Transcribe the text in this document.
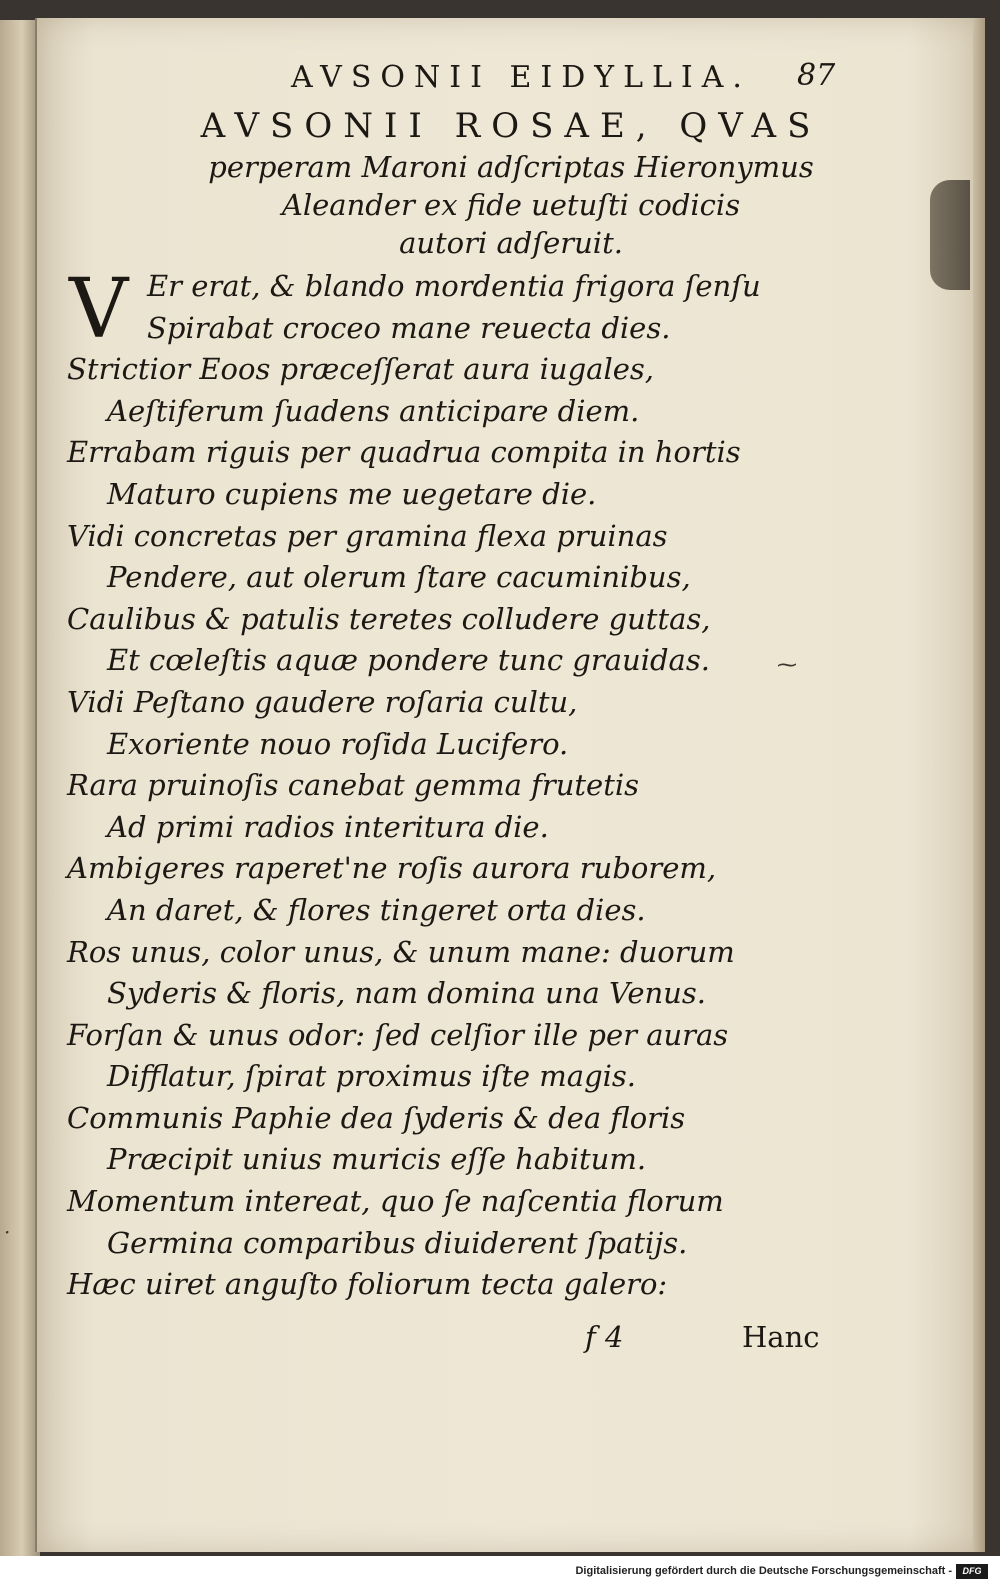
·
AVSONII EIDYLLIA.	87
AVSONII ROSAE, QVAS
perperam Maroni adſcriptas Hieronymus
Aleander ex fide uetuſti codicis
autori adſeruit.
V Er erat, & blando mordentia frigora ſenſu
Spirabat croceo mane reuecta dies.
Strictior Eoos præceſſerat aura iugales,
Aeſtiferum ſuadens anticipare diem.
Errabam riguis per quadrua compita in hortis
Maturo cupiens me uegetare die.
Vidi concretas per gramina flexa pruinas
Pendere, aut olerum ſtare cacuminibus,
Caulibus & patulis teretes colludere guttas,
Et cœleſtis aquæ pondere tunc grauidas.
Vidi Peſtano gaudere roſaria cultu,
Exoriente nouo roſida Lucifero.
Rara pruinoſis canebat gemma frutetis
Ad primi radios interitura die.
Ambigeres raperet'ne roſis aurora ruborem,
An daret, & flores tingeret orta dies.
Ros unus, color unus, & unum mane: duorum
Syderis & floris, nam domina una Venus.
Forſan & unus odor: ſed celſior ille per auras
Difflatur, ſpirat proximus iſte magis.
Communis Paphie dea ſyderis & dea floris
Præcipit unius muricis eſſe habitum.
Momentum intereat, quo ſe naſcentia florum
Germina comparibus diuiderent ſpatijs.
Hæc uiret anguſto foliorum tecta galero:
⁓
f 4	Hanc
Digitalisierung gefördert durch die Deutsche Forschungsgemeinschaft -	DFG
